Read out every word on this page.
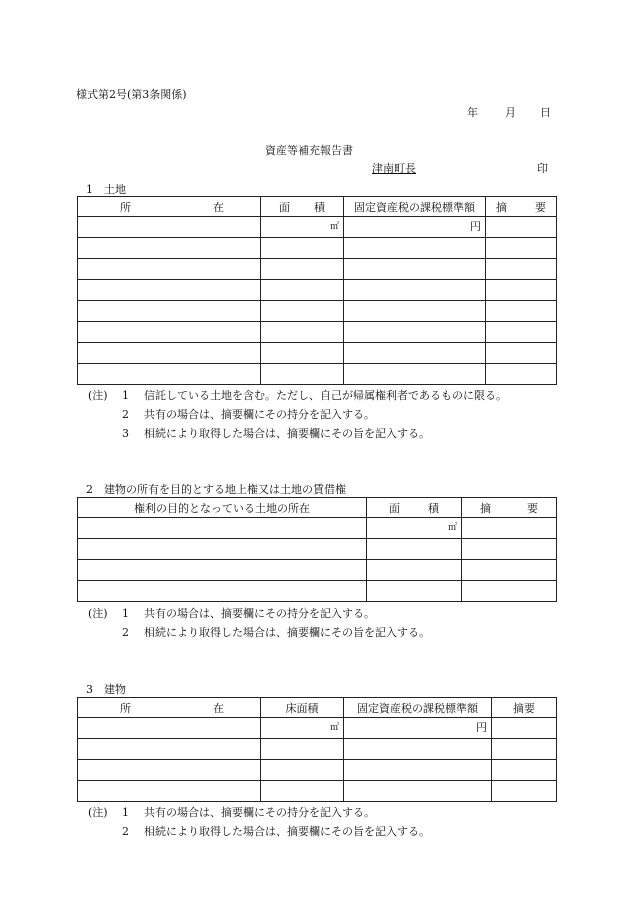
様式第2号(第3条関係)
年 月 日
資産等補充報告書
津南町長	印
1　土地
所 在	面 積	固定資産税の課税標準額	摘 要

	㎡	円	

(注) 1 信託している土地を含む。ただし、自己が帰属権利者であるものに限る。
2 共有の場合は、摘要欄にその持分を記入する。
3 相続により取得した場合は、摘要欄にその旨を記入する。
2　建物の所有を目的とする地上権又は土地の賃借権
権利の目的となっている土地の所在	面 積	摘 要

	㎡	

(注) 1 共有の場合は、摘要欄にその持分を記入する。
2 相続により取得した場合は、摘要欄にその旨を記入する。
3　建物
所 在	床面積	固定資産税の課税標準額	摘要

	㎡	円	

(注) 1 共有の場合は、摘要欄にその持分を記入する。
2 相続により取得した場合は、摘要欄にその旨を記入する。
